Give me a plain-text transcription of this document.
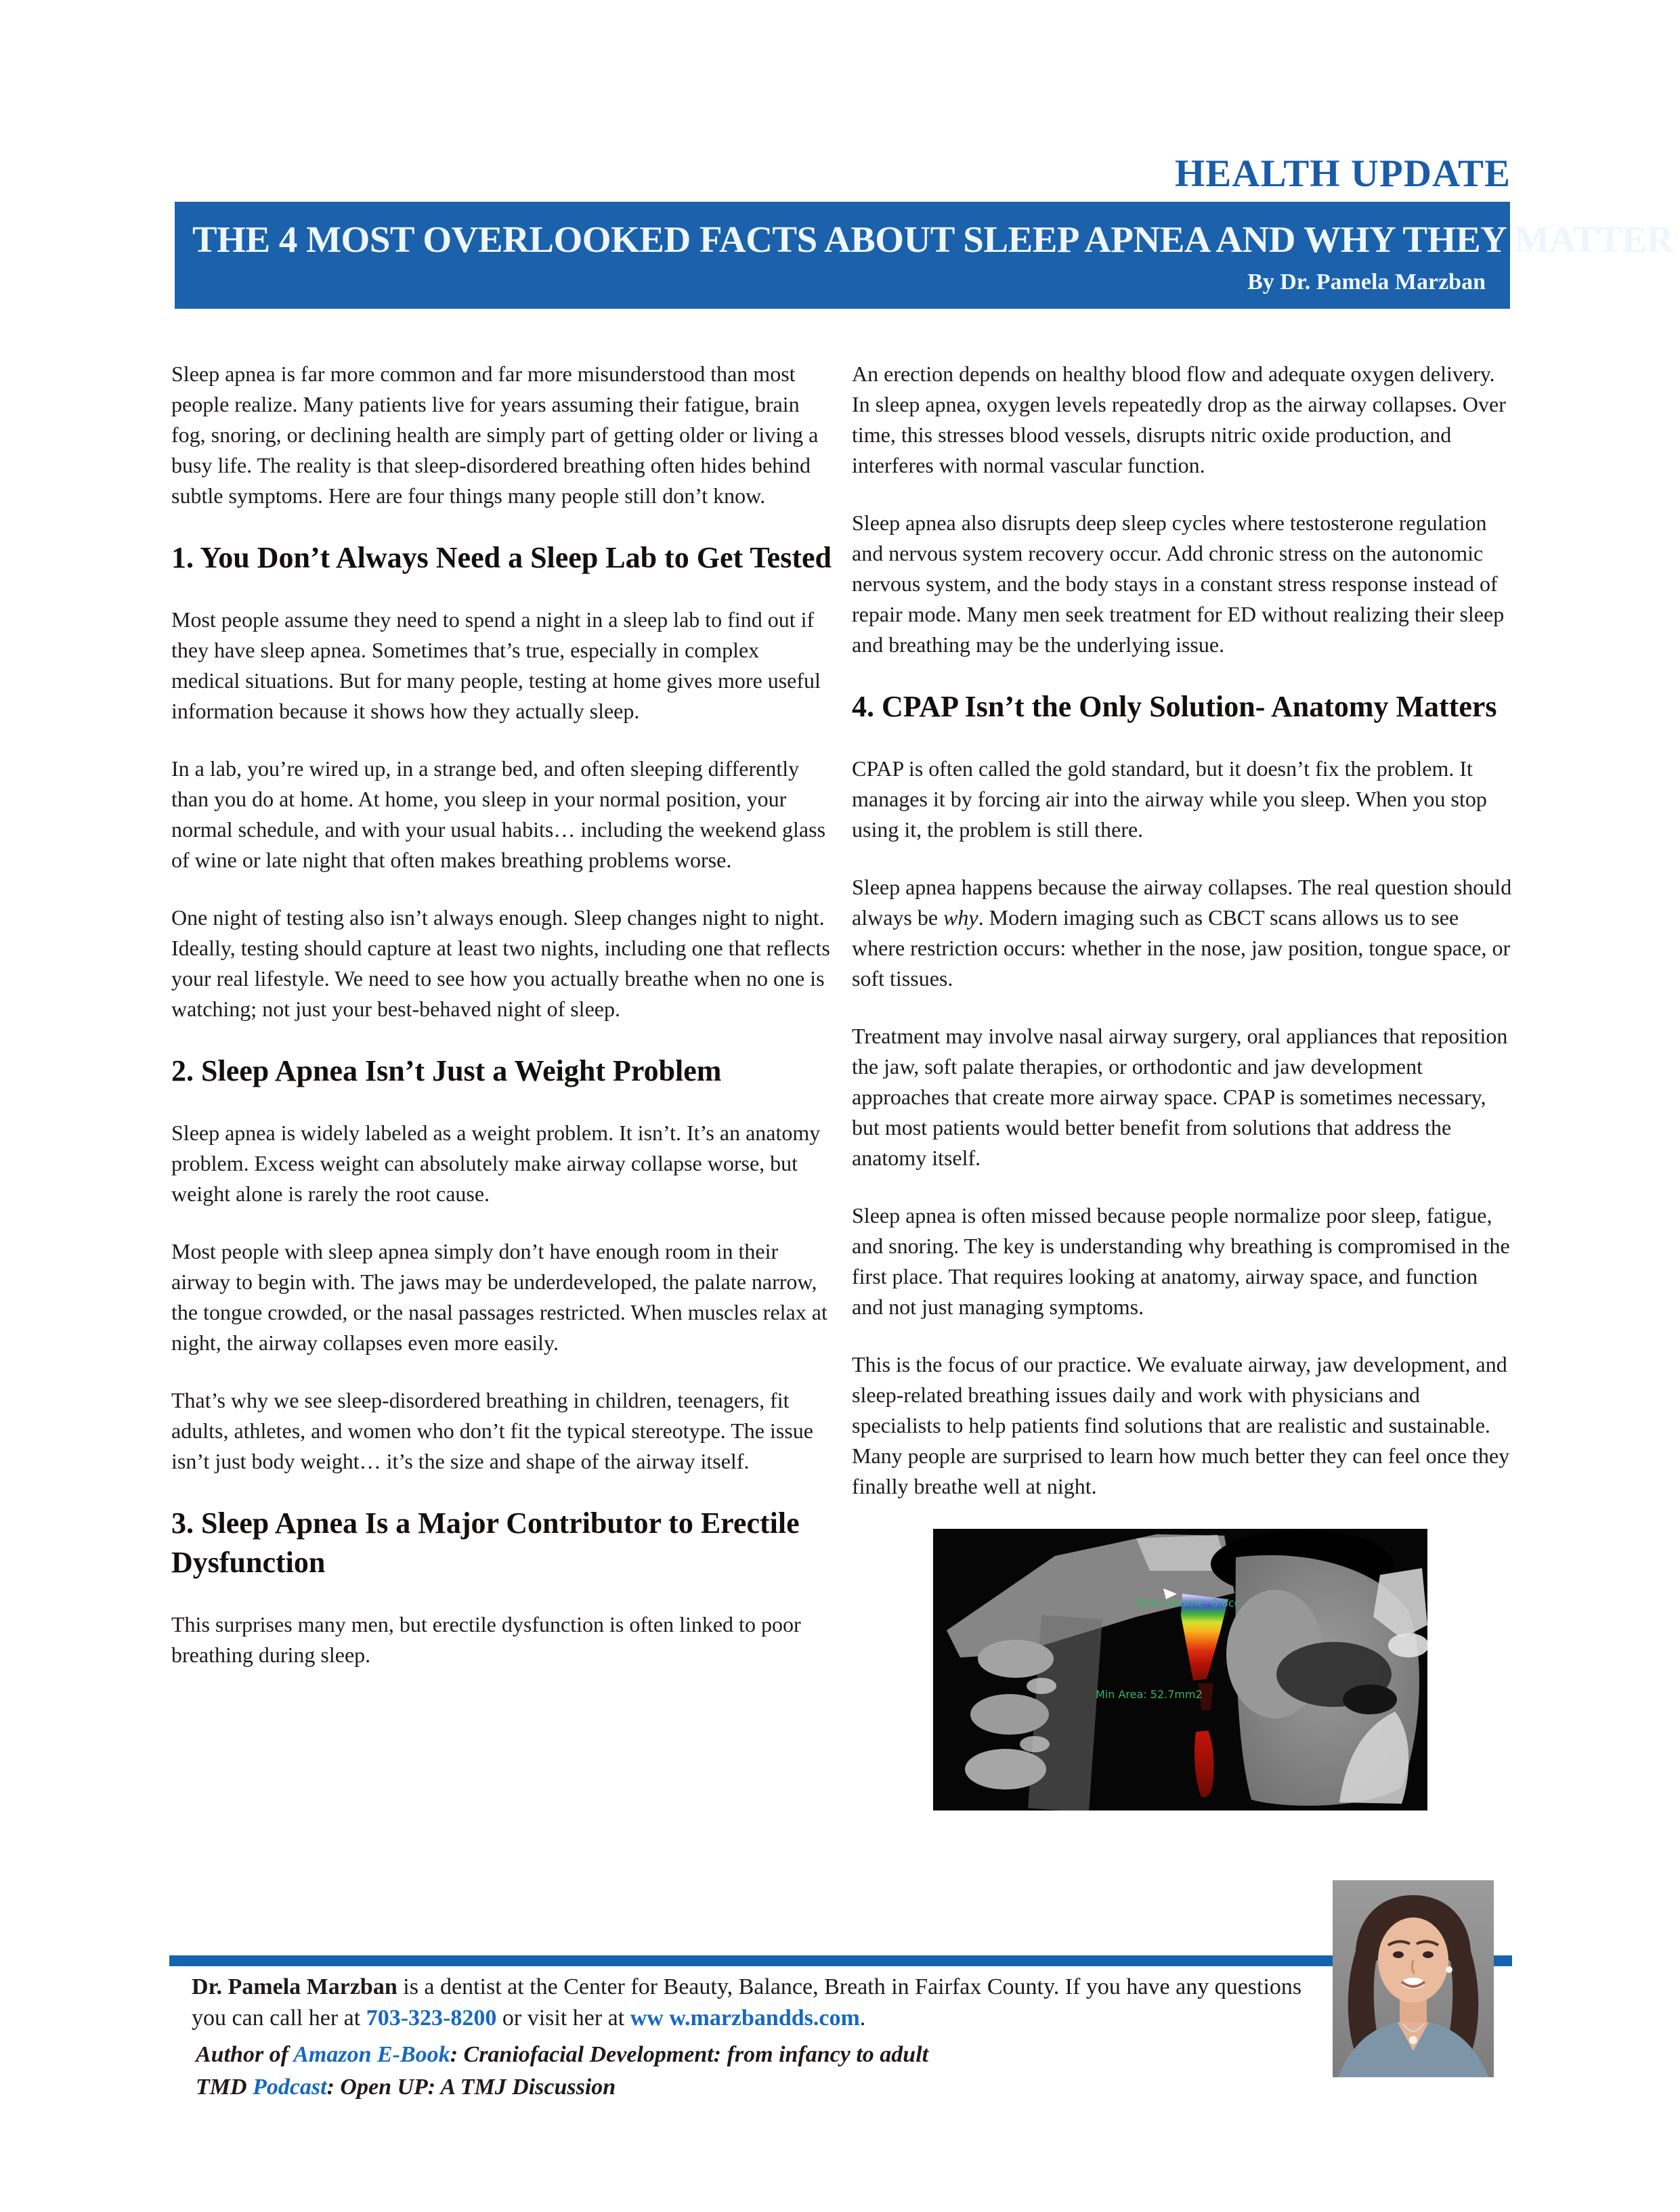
HEALTH UPDATE
THE 4 MOST OVERLOOKED FACTS ABOUT SLEEP APNEA AND WHY THEY MATTER
By Dr. Pamela Marzban

Sleep apnea is far more common and far more misunderstood than most people realize. Many patients live for years assuming their fatigue, brain fog, snoring, or declining health are simply part of getting older or living a busy life. The reality is that sleep-disordered breathing often hides behind subtle symptoms. Here are four things many people still don’t know.

1. You Don’t Always Need a Sleep Lab to Get Tested

Most people assume they need to spend a night in a sleep lab to find out if they have sleep apnea. Sometimes that’s true, especially in complex medical situations. But for many people, testing at home gives more useful information because it shows how they actually sleep.

In a lab, you’re wired up, in a strange bed, and often sleeping differently than you do at home. At home, you sleep in your normal position, your normal schedule, and with your usual habits… including the weekend glass of wine or late night that often makes breathing problems worse.

One night of testing also isn’t always enough. Sleep changes night to night. Ideally, testing should capture at least two nights, including one that reflects your real lifestyle. We need to see how you actually breathe when no one is watching; not just your best-behaved night of sleep.

2. Sleep Apnea Isn’t Just a Weight Problem

Sleep apnea is widely labeled as a weight problem. It isn’t. It’s an anatomy problem. Excess weight can absolutely make airway collapse worse, but weight alone is rarely the root cause.

Most people with sleep apnea simply don’t have enough room in their airway to begin with. The jaws may be underdeveloped, the palate narrow, the tongue crowded, or the nasal passages restricted. When muscles relax at night, the airway collapses even more easily.

That’s why we see sleep-disordered breathing in children, teenagers, fit adults, athletes, and women who don’t fit the typical stereotype. The issue isn’t just body weight… it’s the size and shape of the airway itself.

3. Sleep Apnea Is a Major Contributor to Erectile Dysfunction

This surprises many men, but erectile dysfunction is often linked to poor breathing during sleep.

An erection depends on healthy blood flow and adequate oxygen delivery. In sleep apnea, oxygen levels repeatedly drop as the airway collapses. Over time, this stresses blood vessels, disrupts nitric oxide production, and interferes with normal vascular function.

Sleep apnea also disrupts deep sleep cycles where testosterone regulation and nervous system recovery occur. Add chronic stress on the autonomic nervous system, and the body stays in a constant stress response instead of repair mode. Many men seek treatment for ED without realizing their sleep and breathing may be the underlying issue.

4. CPAP Isn’t the Only Solution- Anatomy Matters

CPAP is often called the gold standard, but it doesn’t fix the problem. It manages it by forcing air into the airway while you sleep. When you stop using it, the problem is still there.

Sleep apnea happens because the airway collapses. The real question should always be why. Modern imaging such as CBCT scans allows us to see where restriction occurs: whether in the nose, jaw position, tongue space, or soft tissues.

Treatment may involve nasal airway surgery, oral appliances that reposition the jaw, soft palate therapies, or orthodontic and jaw development approaches that create more airway space. CPAP is sometimes necessary, but most patients would better benefit from solutions that address the anatomy itself.

Sleep apnea is often missed because people normalize poor sleep, fatigue, and snoring. The key is understanding why breathing is compromised in the first place. That requires looking at anatomy, airway space, and function and not just managing symptoms.

This is the focus of our practice. We evaluate airway, jaw development, and sleep-related breathing issues daily and work with physicians and specialists to help patients find solutions that are realistic and sustainable. Many people are surprised to learn how much better they can feel once they finally breathe well at night.

Total Volume: 8.8cc
Min Area: 52.7mm2

Dr. Pamela Marzban is a dentist at the Center for Beauty, Balance, Breath in Fairfax County. If you have any questions you can call her at 703-323-8200 or visit her at ww w.marzbandds.com.

Author of Amazon E-Book: Craniofacial Development: from infancy to adult

TMD Podcast: Open UP: A TMJ Discussion
